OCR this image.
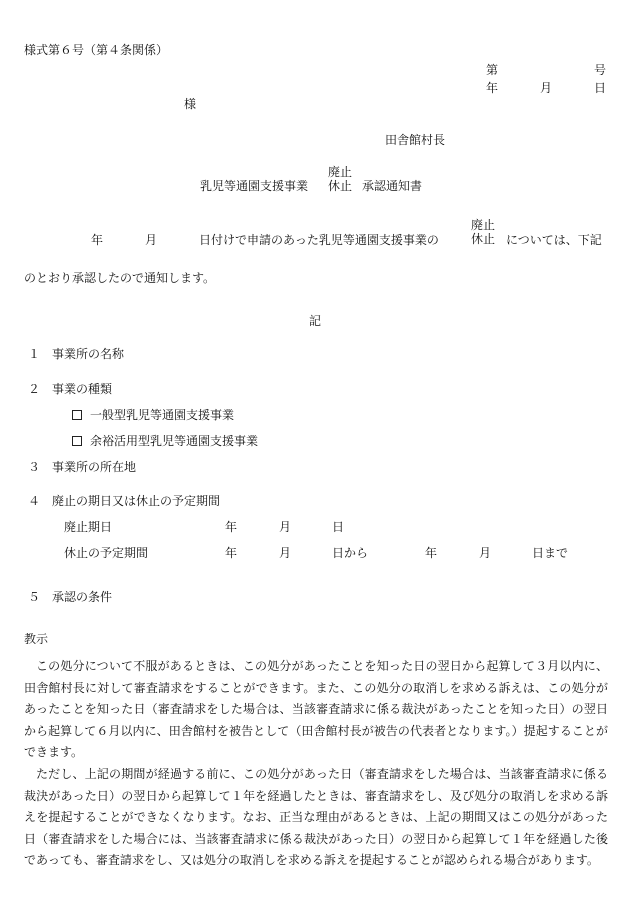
様式第６号（第４条関係）
第	号
年	月	日
様
田舎館村長
乳児等通園支援事業
廃止
休止 承認通知書
年	月	日付けで申請のあった乳児等通園支援事業の
廃止
休止 については、下記
のとおり承認したので通知します。
記
１ 事業所の名称
２ 事業の種類
一般型乳児等通園支援事業
余裕活用型乳児等通園支援事業
３ 事業所の所在地
４ 廃止の期日又は休止の予定期間
廃止期日	年	月	日
休止の予定期間	年	月	日から	年	月	日まで
５ 承認の条件
教示

この処分について不服があるときは、この処分があったことを知った日の翌日から起算して３月以内に、田舎館村長に対して審査請求をすることができます。また、この処分の取消しを求める訴えは、この処分があったことを知った日（審査請求をした場合は、当該審査請求に係る裁決があったことを知った日）の翌日から起算して６月以内に、田舎館村を被告として（田舎館村長が被告の代表者となります。）提起することができます。

ただし、上記の期間が経過する前に、この処分があった日（審査請求をした場合は、当該審査請求に係る裁決があった日）の翌日から起算して１年を経過したときは、審査請求をし、及び処分の取消しを求める訴えを提起することができなくなります。なお、正当な理由があるときは、上記の期間又はこの処分があった日（審査請求をした場合には、当該審査請求に係る裁決があった日）の翌日から起算して１年を経過した後であっても、審査請求をし、又は処分の取消しを求める訴えを提起することが認められる場合があります。
